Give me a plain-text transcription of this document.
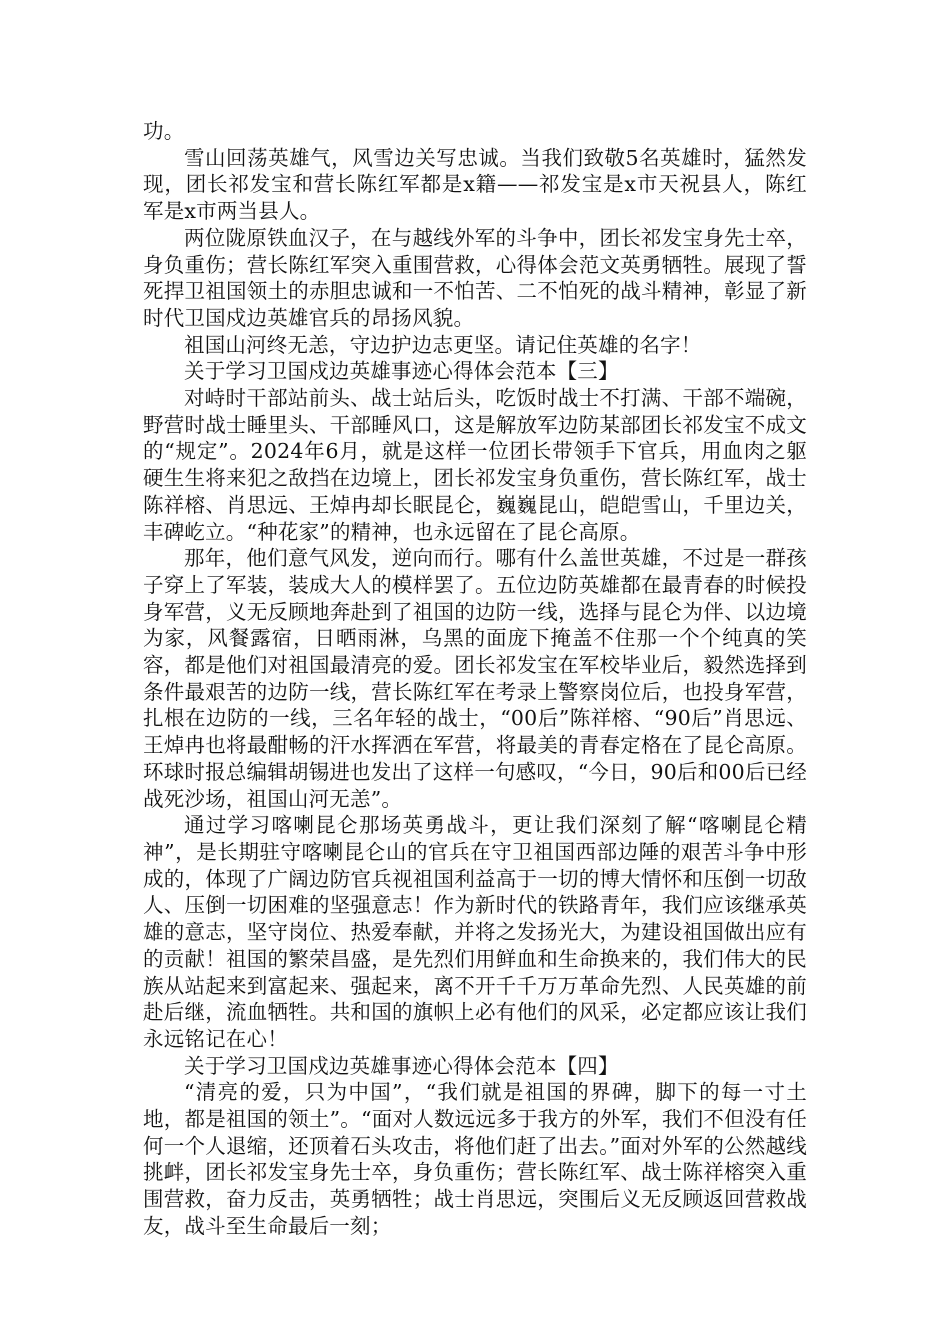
功。

雪山回荡英雄气，风雪边关写忠诚。当我们致敬5名英雄时，猛然发现，团长祁发宝和营长陈红军都是x籍——祁发宝是x市天祝县人，陈红军是x市两当县人。

两位陇原铁血汉子，在与越线外军的斗争中，团长祁发宝身先士卒，身负重伤；营长陈红军突入重围营救，心得体会范文英勇牺牲。展现了誓死捍卫祖国领土的赤胆忠诚和一不怕苦、二不怕死的战斗精神，彰显了新时代卫国戍边英雄官兵的昂扬风貌。

祖国山河终无恙，守边护边志更坚。请记住英雄的名字！

关于学习卫国戍边英雄事迹心得体会范本【三】

对峙时干部站前头、战士站后头，吃饭时战士不打满、干部不端碗，野营时战士睡里头、干部睡风口，这是解放军边防某部团长祁发宝不成文的“规定”。2024年6月，就是这样一位团长带领手下官兵，用血肉之躯硬生生将来犯之敌挡在边境上，团长祁发宝身负重伤，营长陈红军，战士陈祥榕、肖思远、王焯冉却长眠昆仑，巍巍昆山，皑皑雪山，千里边关，丰碑屹立。“种花家”的精神，也永远留在了昆仑高原。

那年，他们意气风发，逆向而行。哪有什么盖世英雄，不过是一群孩子穿上了军装，装成大人的模样罢了。五位边防英雄都在最青春的时候投身军营，义无反顾地奔赴到了祖国的边防一线，选择与昆仑为伴、以边境为家，风餐露宿，日晒雨淋，乌黑的面庞下掩盖不住那一个个纯真的笑容，都是他们对祖国最清亮的爱。团长祁发宝在军校毕业后，毅然选择到条件最艰苦的边防一线，营长陈红军在考录上警察岗位后，也投身军营，扎根在边防的一线，三名年轻的战士，“00后”陈祥榕、“90后”肖思远、王焯冉也将最酣畅的汗水挥洒在军营，将最美的青春定格在了昆仑高原。环球时报总编辑胡锡进也发出了这样一句感叹，“今日，90后和00后已经战死沙场，祖国山河无恙”。

通过学习喀喇昆仑那场英勇战斗，更让我们深刻了解“喀喇昆仑精神”，是长期驻守喀喇昆仑山的官兵在守卫祖国西部边陲的艰苦斗争中形成的，体现了广阔边防官兵视祖国利益高于一切的博大情怀和压倒一切敌人、压倒一切困难的坚强意志！作为新时代的铁路青年，我们应该继承英雄的意志，坚守岗位、热爱奉献，并将之发扬光大，为建设祖国做出应有的贡献！祖国的繁荣昌盛，是先烈们用鲜血和生命换来的，我们伟大的民族从站起来到富起来、强起来，离不开千千万万革命先烈、人民英雄的前赴后继，流血牺牲。共和国的旗帜上必有他们的风采，必定都应该让我们永远铭记在心！

关于学习卫国戍边英雄事迹心得体会范本【四】

“清亮的爱，只为中国”，“我们就是祖国的界碑，脚下的每一寸土地，都是祖国的领土”。“面对人数远远多于我方的外军，我们不但没有任何一个人退缩，还顶着石头攻击，将他们赶了出去。”面对外军的公然越线挑衅，团长祁发宝身先士卒，身负重伤；营长陈红军、战士陈祥榕突入重围营救，奋力反击，英勇牺牲；战士肖思远，突围后义无反顾返回营救战友，战斗至生命最后一刻；
